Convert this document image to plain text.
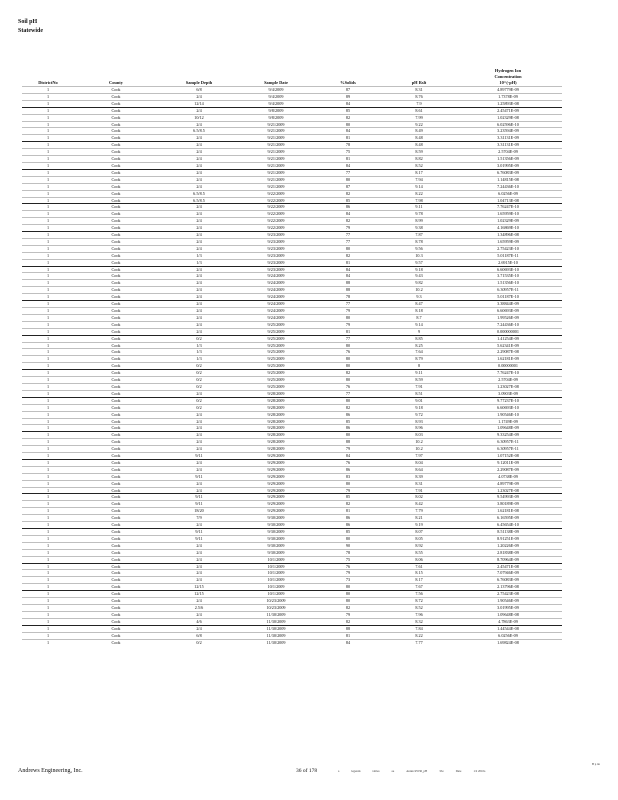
Soil pH
Statewide
DistrictNo	County	Sample Depth	Sample Date	%Solids	pH Rslt	Hydrogen Ion
Concentration
10^(-pH)

1	Cook	6/8	9/4/2009	87	8.31	4.89779E-09
1	Cook	2/4	9/4/2009	89	8.76	1.7378E-09
1	Cook	12/14	9/4/2009	84	7.9	1.25893E-08
1	Cook	2/4	9/8/2009	85	8.61	2.45471E-09
1	Cook	10/12	9/8/2009	82	7.99	1.02329E-08
1	Cook	2/4	9/21/2009	80	9.22	6.02596E-10
1	Cook	6.5/8.5	9/21/2009	84	8.49	3.23594E-09
1	Cook	2/4	9/21/2009	81	8.48	3.31131E-09
1	Cook	2/4	9/21/2009	78	8.48	3.31131E-09
1	Cook	2/4	9/21/2009	75	8.59	2.5704E-09
1	Cook	2/4	9/21/2009	81	8.82	1.51356E-09
1	Cook	2/4	9/21/2009	84	8.52	3.01995E-09
1	Cook	2/4	9/21/2009	77	8.17	6.76083E-09
1	Cook	2/4	9/21/2009	80	7.94	1.14815E-08
1	Cook	2/4	9/21/2009	87	9.14	7.24436E-10
1	Cook	6.5/8.5	9/22/2009	82	8.22	6.0256E-09
1	Cook	6.5/8.5	9/22/2009	85	7.98	1.04713E-08
1	Cook	2/4	9/22/2009	86	9.11	7.76247E-10
1	Cook	2/4	9/22/2009	84	9.78	1.65959E-10
1	Cook	2/4	9/22/2009	82	8.99	1.02329E-09
1	Cook	2/4	9/22/2009	79	9.38	4.16869E-10
1	Cook	2/4	9/23/2009	77	7.87	1.34896E-08
1	Cook	2/4	9/23/2009	77	8.78	1.65959E-09
1	Cook	2/4	9/23/2009	80	9.56	2.75423E-10
1	Cook	1/3	9/23/2009	82	10.3	5.01187E-11
1	Cook	1/3	9/23/2009	81	9.57	2.6915E-10
1	Cook	2/4	9/23/2009	84	9.18	6.60693E-10
1	Cook	2/4	9/24/2009	84	9.43	3.71535E-10
1	Cook	2/4	9/24/2009	88	9.82	1.51356E-10
1	Cook	2/4	9/24/2009	88	10.2	6.30957E-11
1	Cook	2/4	9/24/2009	78	9.3	5.01187E-10
1	Cook	2/4	9/24/2009	77	8.47	3.38844E-09
1	Cook	2/4	9/24/2009	79	8.18	6.60693E-09
1	Cook	2/4	9/24/2009	80	8.7	1.99526E-09
1	Cook	2/4	9/25/2009	79	9.14	7.24436E-10
1	Cook	2/4	9/25/2009	81	9	0.000000001
1	Cook	0/2	9/25/2009	77	8.85	1.41254E-09
1	Cook	1/3	9/25/2009	80	8.25	5.62341E-09
1	Cook	1/3	9/25/2009	76	7.64	2.29087E-08
1	Cook	1/3	9/25/2009	80	8.79	1.62181E-09
1	Cook	0/2	9/25/2009	80	8	0.00000001
1	Cook	0/2	9/25/2009	82	9.11	7.76247E-10
1	Cook	0/2	9/25/2009	80	8.59	2.5704E-09
1	Cook	0/2	9/25/2009	76	7.91	1.23027E-08
1	Cook	2/4	9/28/2009	77	8.51	3.0903E-09
1	Cook	0/2	9/28/2009	80	9.01	9.77237E-10
1	Cook	0/2	9/28/2009	82	9.18	6.60693E-10
1	Cook	2/4	9/28/2009	86	9.72	1.90546E-10
1	Cook	2/4	9/28/2009	85	8.93	1.1749E-09
1	Cook	2/4	9/28/2009	86	8.96	1.09648E-09
1	Cook	2/4	9/28/2009	80	8.03	9.33254E-09
1	Cook	2/4	9/28/2009	88	10.2	6.30957E-11
1	Cook	2/4	9/28/2009	79	10.2	6.30957E-11
1	Cook	9/11	9/29/2009	84	7.97	1.07152E-08
1	Cook	2/4	9/29/2009	76	8.04	9.12011E-09
1	Cook	2/4	9/29/2009	86	8.64	2.29087E-09
1	Cook	9/11	9/29/2009	83	8.39	4.0738E-09
1	Cook	2/4	9/29/2009	80	8.31	4.89779E-09
1	Cook	2/4	9/29/2009	79	7.91	1.23027E-08
1	Cook	9/11	9/29/2009	85	8.02	9.54993E-09
1	Cook	9/11	9/29/2009	82	8.42	3.80189E-09
1	Cook	18/20	9/29/2009	81	7.79	1.62181E-08
1	Cook	7/9	9/30/2009	86	8.21	6.16595E-09
1	Cook	2/4	9/30/2009	86	9.19	6.45654E-10
1	Cook	9/11	9/30/2009	85	8.07	8.51138E-09
1	Cook	9/11	9/30/2009	80	8.05	8.91251E-09
1	Cook	2/4	9/30/2009	90	8.92	1.20226E-09
1	Cook	2/4	9/30/2009	78	8.55	2.81838E-09
1	Cook	2/4	10/1/2009	75	8.06	8.70964E-09
1	Cook	2/4	10/1/2009	76	7.61	2.45471E-08
1	Cook	2/4	10/1/2009	79	8.15	7.07946E-09
1	Cook	2/4	10/1/2009	73	8.17	6.76083E-09
1	Cook	12/15	10/1/2009	80	7.67	2.13796E-08
1	Cook	12/15	10/1/2009	80	7.56	2.75423E-08
1	Cook	2/4	10/23/2009	80	8.72	1.90546E-09
1	Cook	2.5/6	10/23/2009	82	8.52	3.01995E-09
1	Cook	2/4	11/30/2009	79	7.96	1.09648E-08
1	Cook	4/6	11/30/2009	82	8.32	4.7863E-09
1	Cook	2/4	11/30/2009	88	7.84	1.44544E-08
1	Cook	6/8	11/30/2009	81	8.22	6.0256E-09
1	Cook	0/2	11/30/2009	84	7.77	1.69824E-08
Andrews Engineering, Inc.	36 of 178	a	legends	tables	ae	Ander/45536_pH	3/le	Date	1/2 2010a
B p ite
